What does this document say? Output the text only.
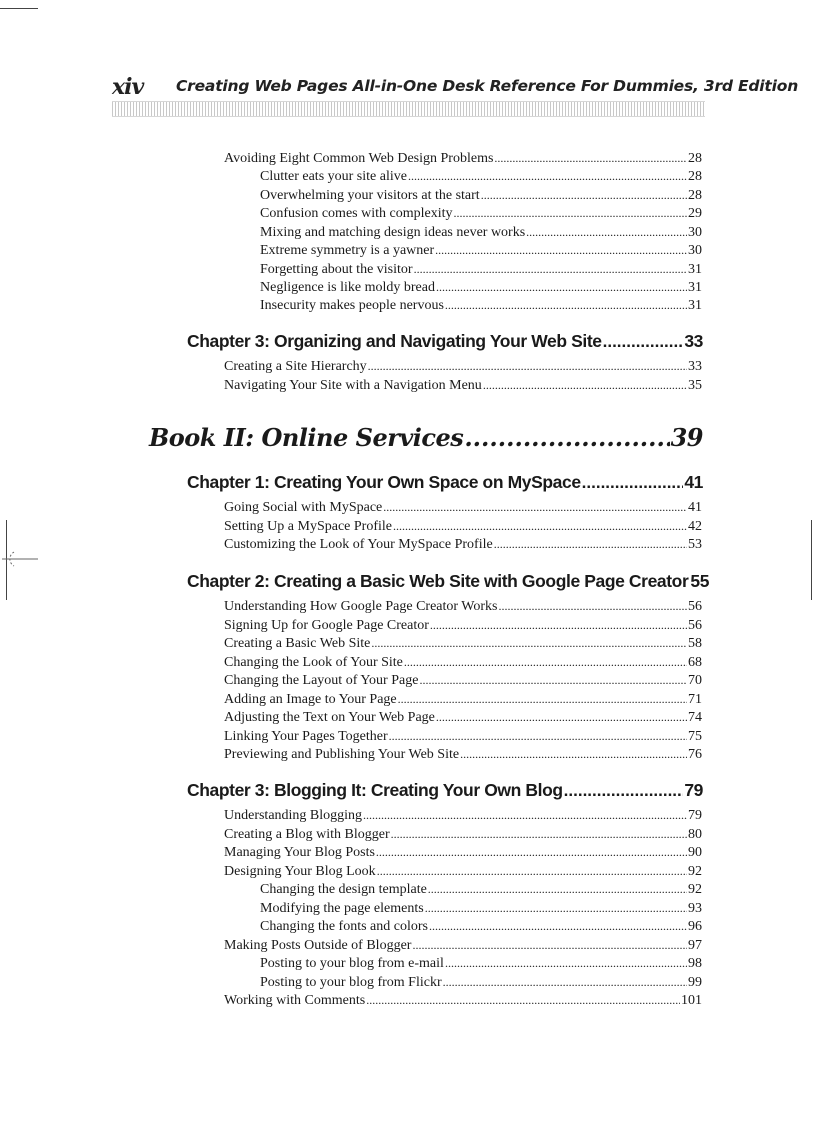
xiv Creating Web Pages All-in-One Desk Reference For Dummies, 3rd Edition
Avoiding Eight Common Web Design Problems .....	28
Clutter eats your site alive .....	28
Overwhelming your visitors at the start .....	28
Confusion comes with complexity .....	29
Mixing and matching design ideas never works .....	30
Extreme symmetry is a yawner .....	30
Forgetting about the visitor .....	31
Negligence is like moldy bread .....	31
Insecurity makes people nervous .....	31
Chapter 3: Organizing and Navigating Your Web Site .....	33
Creating a Site Hierarchy .....	33
Navigating Your Site with a Navigation Menu .....	35
Book II: Online Services .....	39
Chapter 1: Creating Your Own Space on MySpace .....	41
Going Social with MySpace .....	41
Setting Up a MySpace Profile .....	42
Customizing the Look of Your MySpace Profile .....	53
Chapter 2: Creating a Basic Web Site with Google Page Creator 55
Understanding How Google Page Creator Works .....	56
Signing Up for Google Page Creator .....	56
Creating a Basic Web Site .....	58
Changing the Look of Your Site .....	68
Changing the Layout of Your Page .....	70
Adding an Image to Your Page .....	71
Adjusting the Text on Your Web Page .....	74
Linking Your Pages Together .....	75
Previewing and Publishing Your Web Site .....	76
Chapter 3: Blogging It: Creating Your Own Blog .....	79
Understanding Blogging .....	79
Creating a Blog with Blogger .....	80
Managing Your Blog Posts .....	90
Designing Your Blog Look .....	92
Changing the design template .....	92
Modifying the page elements .....	93
Changing the fonts and colors .....	96
Making Posts Outside of Blogger .....	97
Posting to your blog from e-mail .....	98
Posting to your blog from Flickr .....	99
Working with Comments .....	101
